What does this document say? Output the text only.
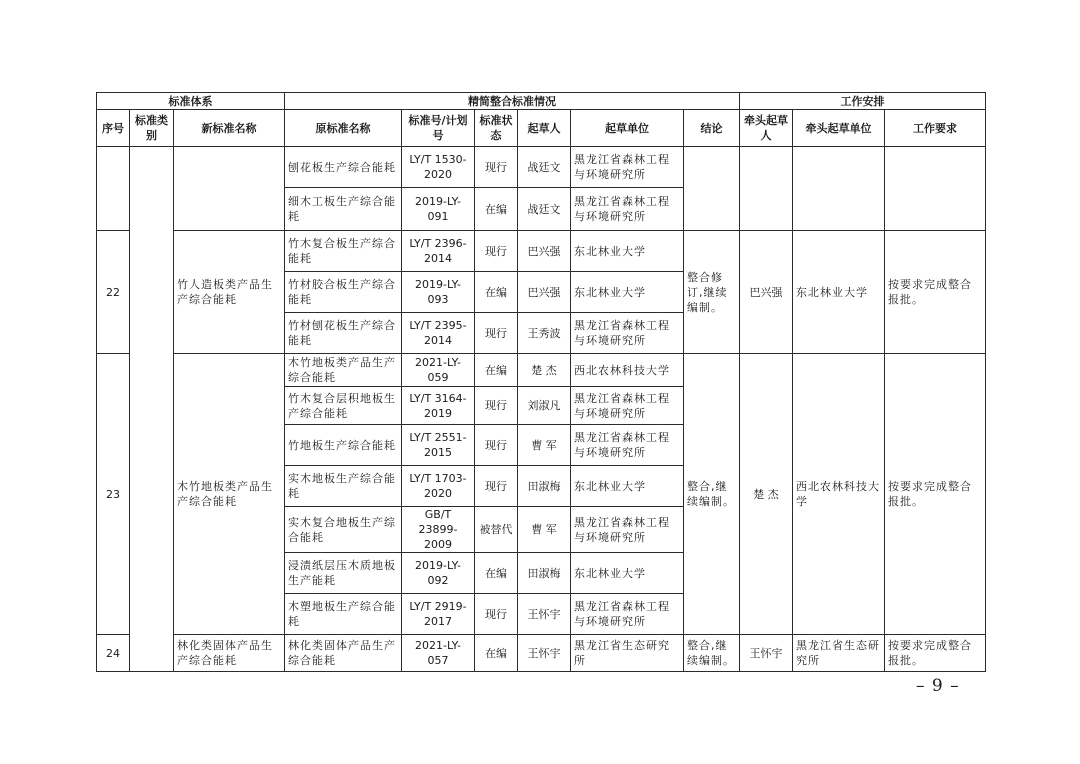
标准体系			精简整合标准情况						工作安排		
序号	标准类别	新标准名称	原标准名称	标准号/计划号	标准状态	起草人	起草单位	结论	牵头起草人	牵头起草单位	工作要求
			刨花板生产综合能耗	LY/T 1530-2020	现行	战廷文	黑龙江省森林工程与环境研究所				
			细木工板生产综合能耗	2019-LY-091	在编	战廷文	黑龙江省森林工程与环境研究所				
22		竹人造板类产品生产综合能耗	竹木复合板生产综合能耗	LY/T 2396-2014	现行	巴兴强	东北林业大学	整合修订,继续编制。	巴兴强	东北林业大学	按要求完成整合报批。
			竹材胶合板生产综合能耗	2019-LY-093	在编	巴兴强	东北林业大学				
			竹材刨花板生产综合能耗	LY/T 2395-2014	现行	王秀波	黑龙江省森林工程与环境研究所				
23		木竹地板类产品生产综合能耗	木竹地板类产品生产综合能耗	2021-LY-059	在编	楚 杰	西北农林科技大学	整合,继续编制。	楚 杰	西北农林科技大学	按要求完成整合报批。
			竹木复合层积地板生产综合能耗	LY/T 3164-2019	现行	刘淑凡	黑龙江省森林工程与环境研究所				
			竹地板生产综合能耗	LY/T 2551-2015	现行	曹 军	黑龙江省森林工程与环境研究所				
			实木地板生产综合能耗	LY/T 1703-2020	现行	田淑梅	东北林业大学				
			实木复合地板生产综合能耗	GB/T 23899-2009	被替代	曹 军	黑龙江省森林工程与环境研究所				
			浸渍纸层压木质地板生产能耗	2019-LY-092	在编	田淑梅	东北林业大学				
			木塑地板生产综合能耗	LY/T 2919-2017	现行	王怀宇	黑龙江省森林工程与环境研究所				
24		林化类固体产品生产综合能耗	林化类固体产品生产综合能耗	2021-LY-057	在编	王怀宇	黑龙江省生态研究所	整合,继续编制。	王怀宇	黑龙江省生态研究所	按要求完成整合报批。
– 9 –
